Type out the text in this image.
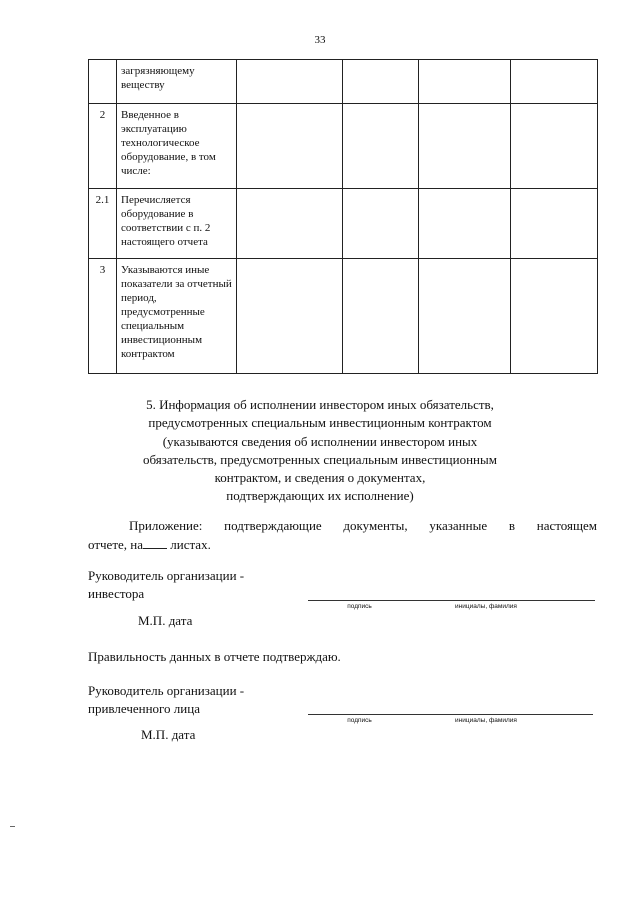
33
	загрязняющему веществу				
2	Введенное в эксплуатацию технологическое оборудование, в том числе:				
2.1	Перечисляется оборудование в соответствии с п. 2 настоящего отчета				
3	Указываются иные показатели за отчетный период, предусмотренные специальным инвестиционным контрактом				
5. Информация об исполнении инвестором иных обязательств,
предусмотренных специальным инвестиционным контрактом
(указываются сведения об исполнении инвестором иных
обязательств, предусмотренных специальным инвестиционным
контрактом, и сведения о документах,
подтверждающих их исполнение)
Приложение: подтверждающие документы, указанные в настоящем
отчете, на листах.
Руководитель организации -
инвестора
подпись	инициалы, фамилия
М.П. дата
Правильность данных в отчете подтверждаю.
Руководитель организации -
привлеченного лица
подпись	инициалы, фамилия
М.П. дата
